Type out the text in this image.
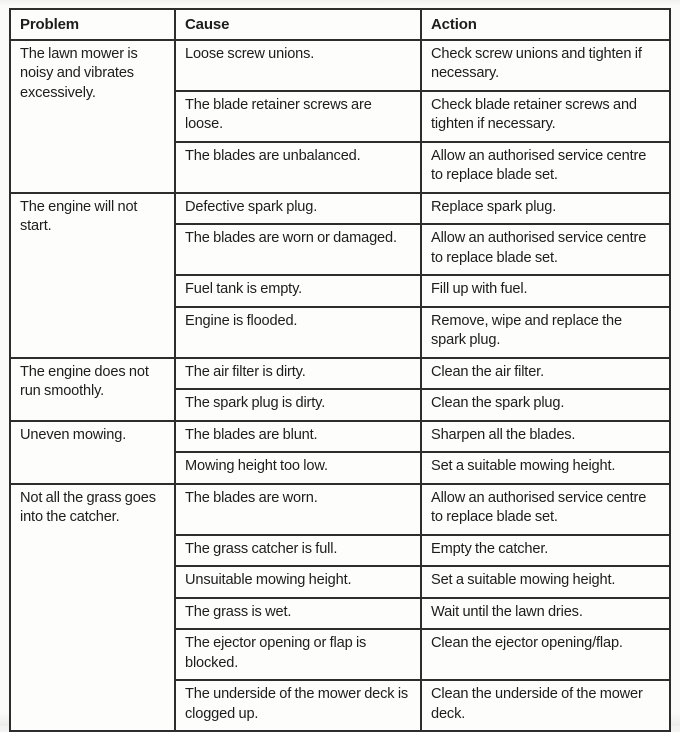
Problem	Cause	Action
The lawn mower is noisy and vibrates excessively.	Loose screw unions.	Check screw unions and tighten if necessary.
	The blade retainer screws are loose.	Check blade retainer screws and tighten if necessary.
	The blades are unbalanced.	Allow an authorised service centre to replace blade set.
The engine will not start.	Defective spark plug.	Replace spark plug.
	The blades are worn or damaged.	Allow an authorised service centre to replace blade set.
	Fuel tank is empty.	Fill up with fuel.
	Engine is flooded.	Remove, wipe and replace the spark plug.
The engine does not run smoothly.	The air filter is dirty.	Clean the air filter.
	The spark plug is dirty.	Clean the spark plug.
Uneven mowing.	The blades are blunt.	Sharpen all the blades.
	Mowing height too low.	Set a suitable mowing height.
Not all the grass goes into the catcher.	The blades are worn.	Allow an authorised service centre to replace blade set.
	The grass catcher is full.	Empty the catcher.
	Unsuitable mowing height.	Set a suitable mowing height.
	The grass is wet.	Wait until the lawn dries.
	The ejector opening or flap is blocked.	Clean the ejector opening/flap.
	The underside of the mower deck is clogged up.	Clean the underside of the mower deck.
